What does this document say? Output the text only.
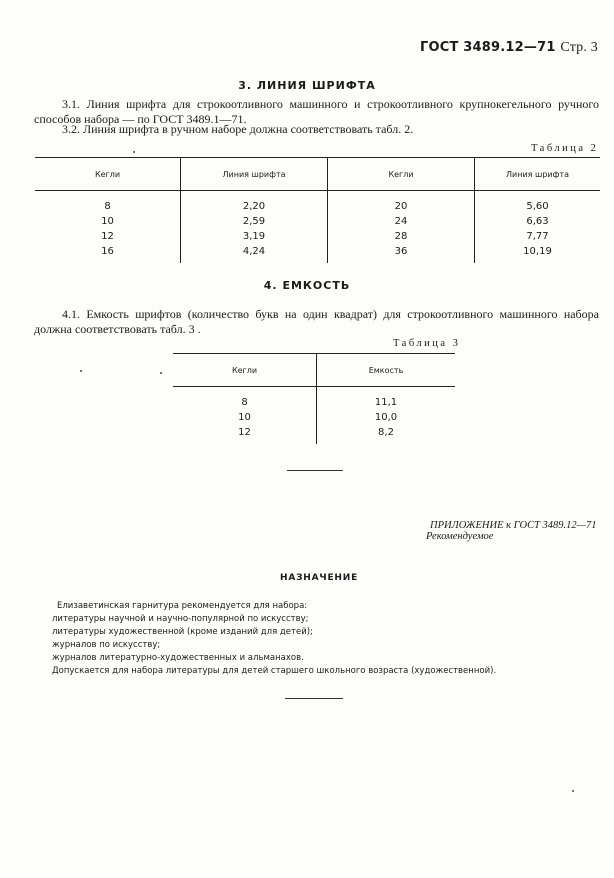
ГОСТ 3489.12—71 Стр. 3
3. ЛИНИЯ ШРИФТА
3.1. Линия шрифта для строкоотливного машинного и строкоотливного крупнокегельного ручного способов набора — по ГОСТ 3489.1—71.
3.2. Линия шрифта в ручном наборе должна соответствовать табл. 2.
Таблица 2
Кегли	Линия шрифта	Кегли	Линия шрифта
8	2,20	20	5,60
10	2,59	24	6,63
12	3,19	28	7,77
16	4,24	36	10,19
4. ЕМКОСТЬ
4.1. Емкость шрифтов (количество букв на один квадрат) для строкоотливного машинного набора должна соответствовать табл. 3 .
Таблица 3
Кегли	Емкость
8	11,1
10	10,0
12	8,2
ПРИЛОЖЕНИЕ к ГОСТ 3489.12—71
Рекомендуемое
НАЗНАЧЕНИЕ
Елизаветинская гарнитура рекомендуется для набора:
литературы научной и научно-популярной по искусству;
литературы художественной (кроме изданий для детей);
журналов по искусству;
журналов литературно-художественных и альманахов.
Допускается для набора литературы для детей старшего школьного возраста (художественной).
